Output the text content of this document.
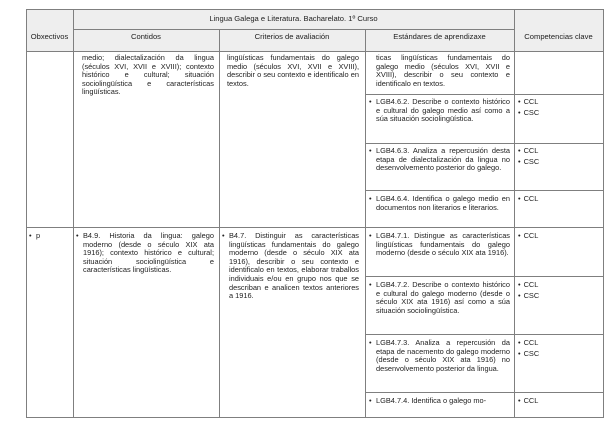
Lingua Galega e Literatura. Bacharelato. 1º Curso
Obxectivos	Contidos	Criterios de avaliación	Estándares de aprendizaxe	Competencias clave
medio; dialectalización da lingua (séculos XVI, XVII e XVIII); contexto histórico e cultural; situación sociolingüística e características lingüísticas.
lingüísticas fundamentais do galego medio (séculos XVI, XVII e XVIII), describir o seu contexto e identificalo en textos.
ticas lingüísticas fundamentais do galego medio (séculos XVI, XVII e XVIII), describir o seu contexto e identificalo en textos.
• LGB4.6.2. Describe o contexto histórico e cultural do galego medio así como a súa situación sociolingüística.
• CCL
• CSC
• LGB4.6.3. Analiza a repercusión desta etapa de dialectalización da lingua no desenvolvemento posterior do galego.
• CCL
• CSC
• LGB4.6.4. Identifica o galego medio en documentos non literarios e literarios.
• CCL
• p	• B4.9. Historia da lingua: galego moderno (desde o século XIX ata 1916); contexto histórico e cultural; situación sociolingüística e características lingüísticas.
• B4.7. Distinguir as características lingüísticas fundamentais do galego moderno (desde o século XIX ata 1916), describir o seu contexto e identificalo en textos, elaborar traballos individuais e/ou en grupo nos que se describan e analicen textos anteriores a 1916.
• LGB4.7.1. Distingue as características lingüísticas fundamentais do galego moderno (desde o século XIX ata 1916).
• CCL
• LGB4.7.2. Describe o contexto histórico e cultural do galego moderno (desde o século XIX ata 1916) así como a súa situación sociolingüística.
• CCL
• CSC
• LGB4.7.3. Analiza a repercusión da etapa de nacemento do galego moderno (desde o século XIX ata 1916) no desenvolvemento posterior da lingua.
• CCL
• CSC
• LGB4.7.4. Identifica o galego mo-
•	CCL
